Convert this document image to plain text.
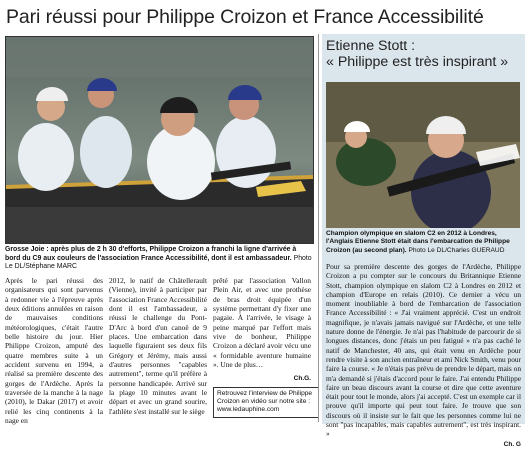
Pari réussi pour Philippe Croizon et France Accessibilité
Grosse Joie : après plus de 2 h 30 d'efforts, Philippe Croizon a franchi la ligne d'arrivée à bord du C9 aux couleurs de l'association France Accessibilité, dont il est ambassadeur. Photo Le DL/Stéphane MARC

Après le pari réussi des organisateurs qui sont parvenus à redonner vie à l'épreuve après deux éditions annulées en raison de mauvaises conditions météorologiques, c'était l'autre belle histoire du jour. Hier Philippe Croizon, amputé des quatre membres suite à un accident survenu en 1994, a réalisé sa première descente des gorges de l'Ardèche. Après la traversée de la manche à la nage (2010), le Dakar (2017) et avoir relié les cinq continents à la nage en

2012, le natif de Châtellerault (Vienne), invité à participer par l'association France Accessibilité dont il est l'ambassadeur, a réussi le challenge du Pont-D'Arc à bord d'un canoë de 9 places. Une embarcation dans laquelle figuraient ses deux fils Grégory et Jérémy, mais aussi d'autres personnes "capables autrement", terme qu'il préfère à personne handicapée. Arrivé sur la plage 10 minutes avant le départ et avec un grand sourire, l'athlète s'est installé sur le siège

prêté par l'association Vallon Plein Air, et avec une prothèse de bras droit équipée d'un système permettant d'y fixer une pagaie. À l'arrivée, le visage à peine marqué par l'effort mais vive de bonheur, Philippe Croizon a déclaré avoir vécu une « formidable aventure humaine ». Une de plus…

Ch.G.
Retrouvez l'interview de Philippe Croizon en vidéo sur notre site : www.ledauphine.com
Etienne Stott :
« Philippe est très inspirant »
Champion olympique en slalom C2 en 2012 à Londres, l'Anglais Etienne Stott était dans l'embarcation de Philippe Croizon (au second plan). Photo Le DL/Charles GUERAUD

Pour sa première descente des gorges de l'Ardèche, Philippe Croizon a pu compter sur le concours du Britannique Etienne Stott, champion olympique en slalom C2 à Londres en 2012 et champion d'Europe en relais (2010). Ce dernier a vécu un moment inoubliable à bord de l'embarcation de l'association France Accessibilité : « J'ai vraiment apprécié. C'est un endroit magnifique, je n'avais jamais navigué sur l'Ardèche, et une telle nature donne de l'énergie. Je n'ai pas l'habitude de parcourir de si longues distances, donc j'étais un peu fatigué » n'a pas caché le natif de Manchester, 40 ans, qui était venu en Ardèche pour rendre visite à son ancien entraîneur et ami Nick Smith, venu pour faire la course. « Je n'étais pas prévu de prendre le départ, mais on m'a demandé si j'étais d'accord pour le faire. J'ai entendu Philippe faire un beau discours avant la course et dire que cette aventure était pour tout le monde, alors j'ai accepté. C'est un exemple car il prouve qu'il importe qui peut tout faire. Je trouve que son discours où il insiste sur le fait que les personnes comme lui ne sont "pas incapables, mais capables autrement", est très inspirant. »

Ch. G
